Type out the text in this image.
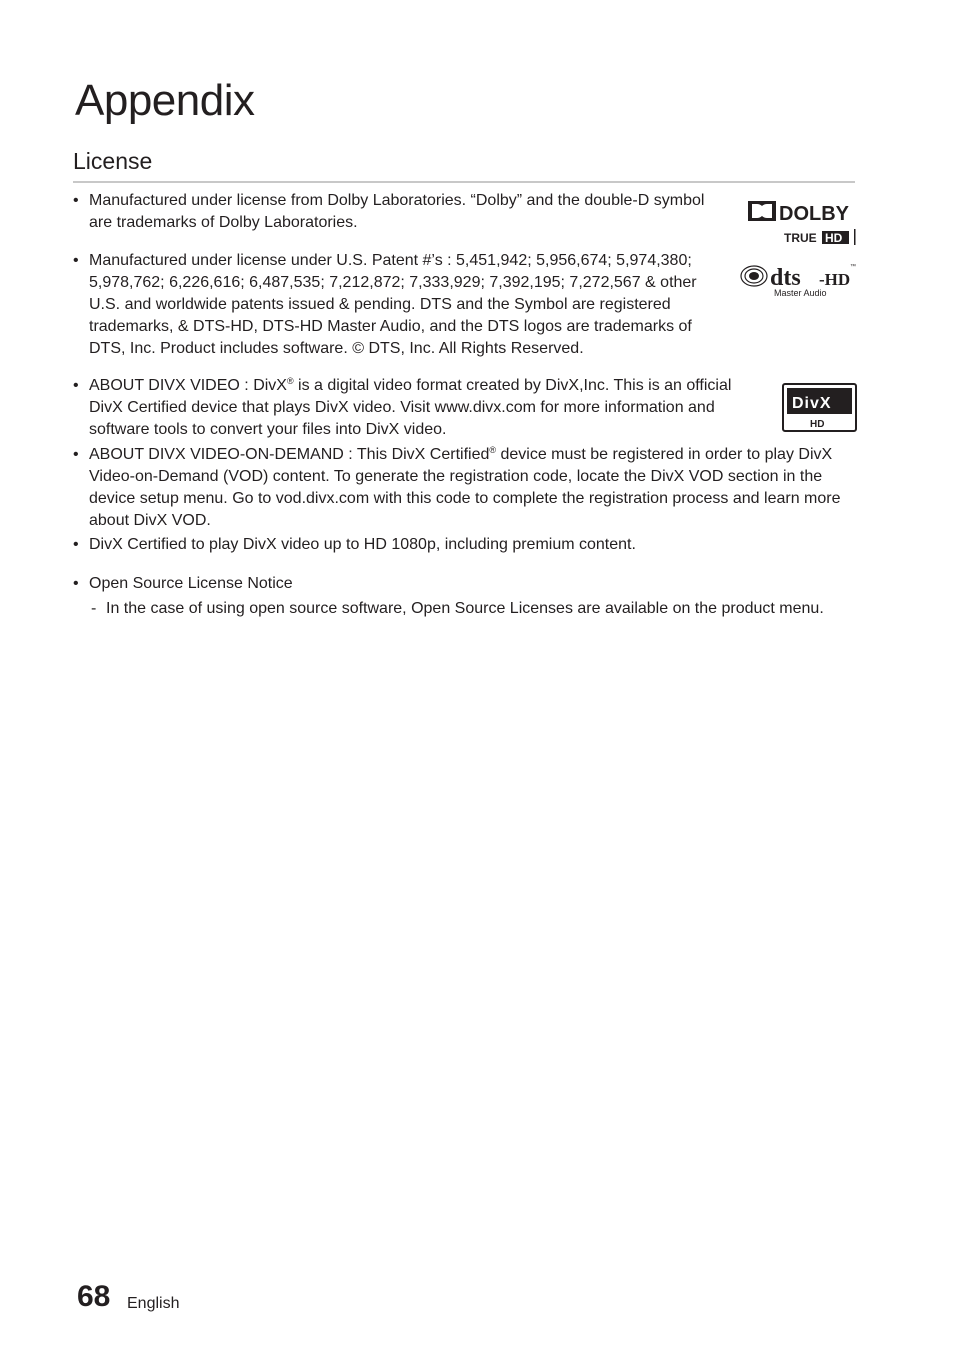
Appendix
License
• Manufactured under license from Dolby Laboratories. “Dolby” and the double-D symbol are trademarks of Dolby Laboratories.
• Manufactured under license under U.S. Patent #’s : 5,451,942; 5,956,674; 5,974,380; 5,978,762; 6,226,616; 6,487,535; 7,212,872; 7,333,929; 7,392,195; 7,272,567 & other U.S. and worldwide patents issued & pending. DTS and the Symbol are registered trademarks, & DTS-HD, DTS-HD Master Audio, and the DTS logos are trademarks of DTS, Inc. Product includes software. © DTS, Inc. All Rights Reserved.
• ABOUT DIVX VIDEO : DivX® is a digital video format created by DivX,Inc. This is an official DivX Certified device that plays DivX video. Visit www.divx.com for more information and software tools to convert your files into DivX video.
• ABOUT DIVX VIDEO-ON-DEMAND : This DivX Certified® device must be registered in order to play DivX Video-on-Demand (VOD) content. To generate the registration code, locate the DivX VOD section in the device setup menu. Go to vod.divx.com with this code to complete the registration process and learn more about DivX VOD.
• DivX Certified to play DivX video up to HD 1080p, including premium content.
• Open Source License Notice
- In the case of using open source software, Open Source Licenses are available on the product menu.
DOLBY
TRUE HD
dts -HD
™
Master Audio
DivX
HD
68 English
